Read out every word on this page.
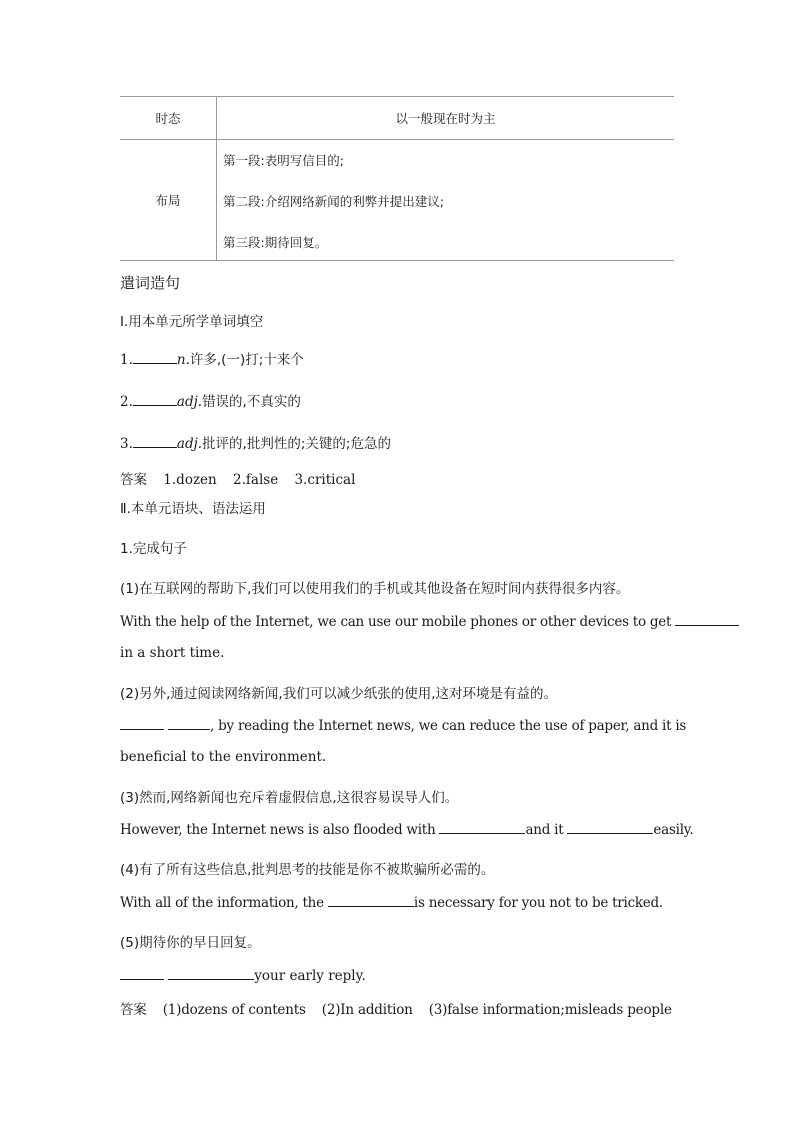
时态	以一般现在时为主
布局	第一段:表明写信目的;
第二段:介绍网络新闻的利弊并提出建议;
第三段:期待回复。
遣词造句
Ⅰ.用本单元所学单词填空
1.	n.许多,(一)打;十来个
2.	adj.错误的,不真实的
3.	adj.批评的,批判性的;关键的;危急的
答案 1.dozen 2.false 3.critical
Ⅱ.本单元语块、语法运用
1.完成句子
(1)在互联网的帮助下,我们可以使用我们的手机或其他设备在短时间内获得很多内容。
With the help of the Internet, we can use our mobile phones or other devices to get
in a short time.
(2)另外,通过阅读网络新闻,我们可以减少纸张的使用,这对环境是有益的。
, by reading the Internet news, we can reduce the use of paper, and it is
beneficial to the environment.
(3)然而,网络新闻也充斥着虚假信息,这很容易误导人们。
However, the Internet news is also flooded with	and it	easily.
(4)有了所有这些信息,批判思考的技能是你不被欺骗所必需的。
With all of the information, the	is necessary for you not to be tricked.
(5)期待你的早日回复。
your early reply.
答案 (1)dozens of contents (2)In addition (3)false information;misleads people
